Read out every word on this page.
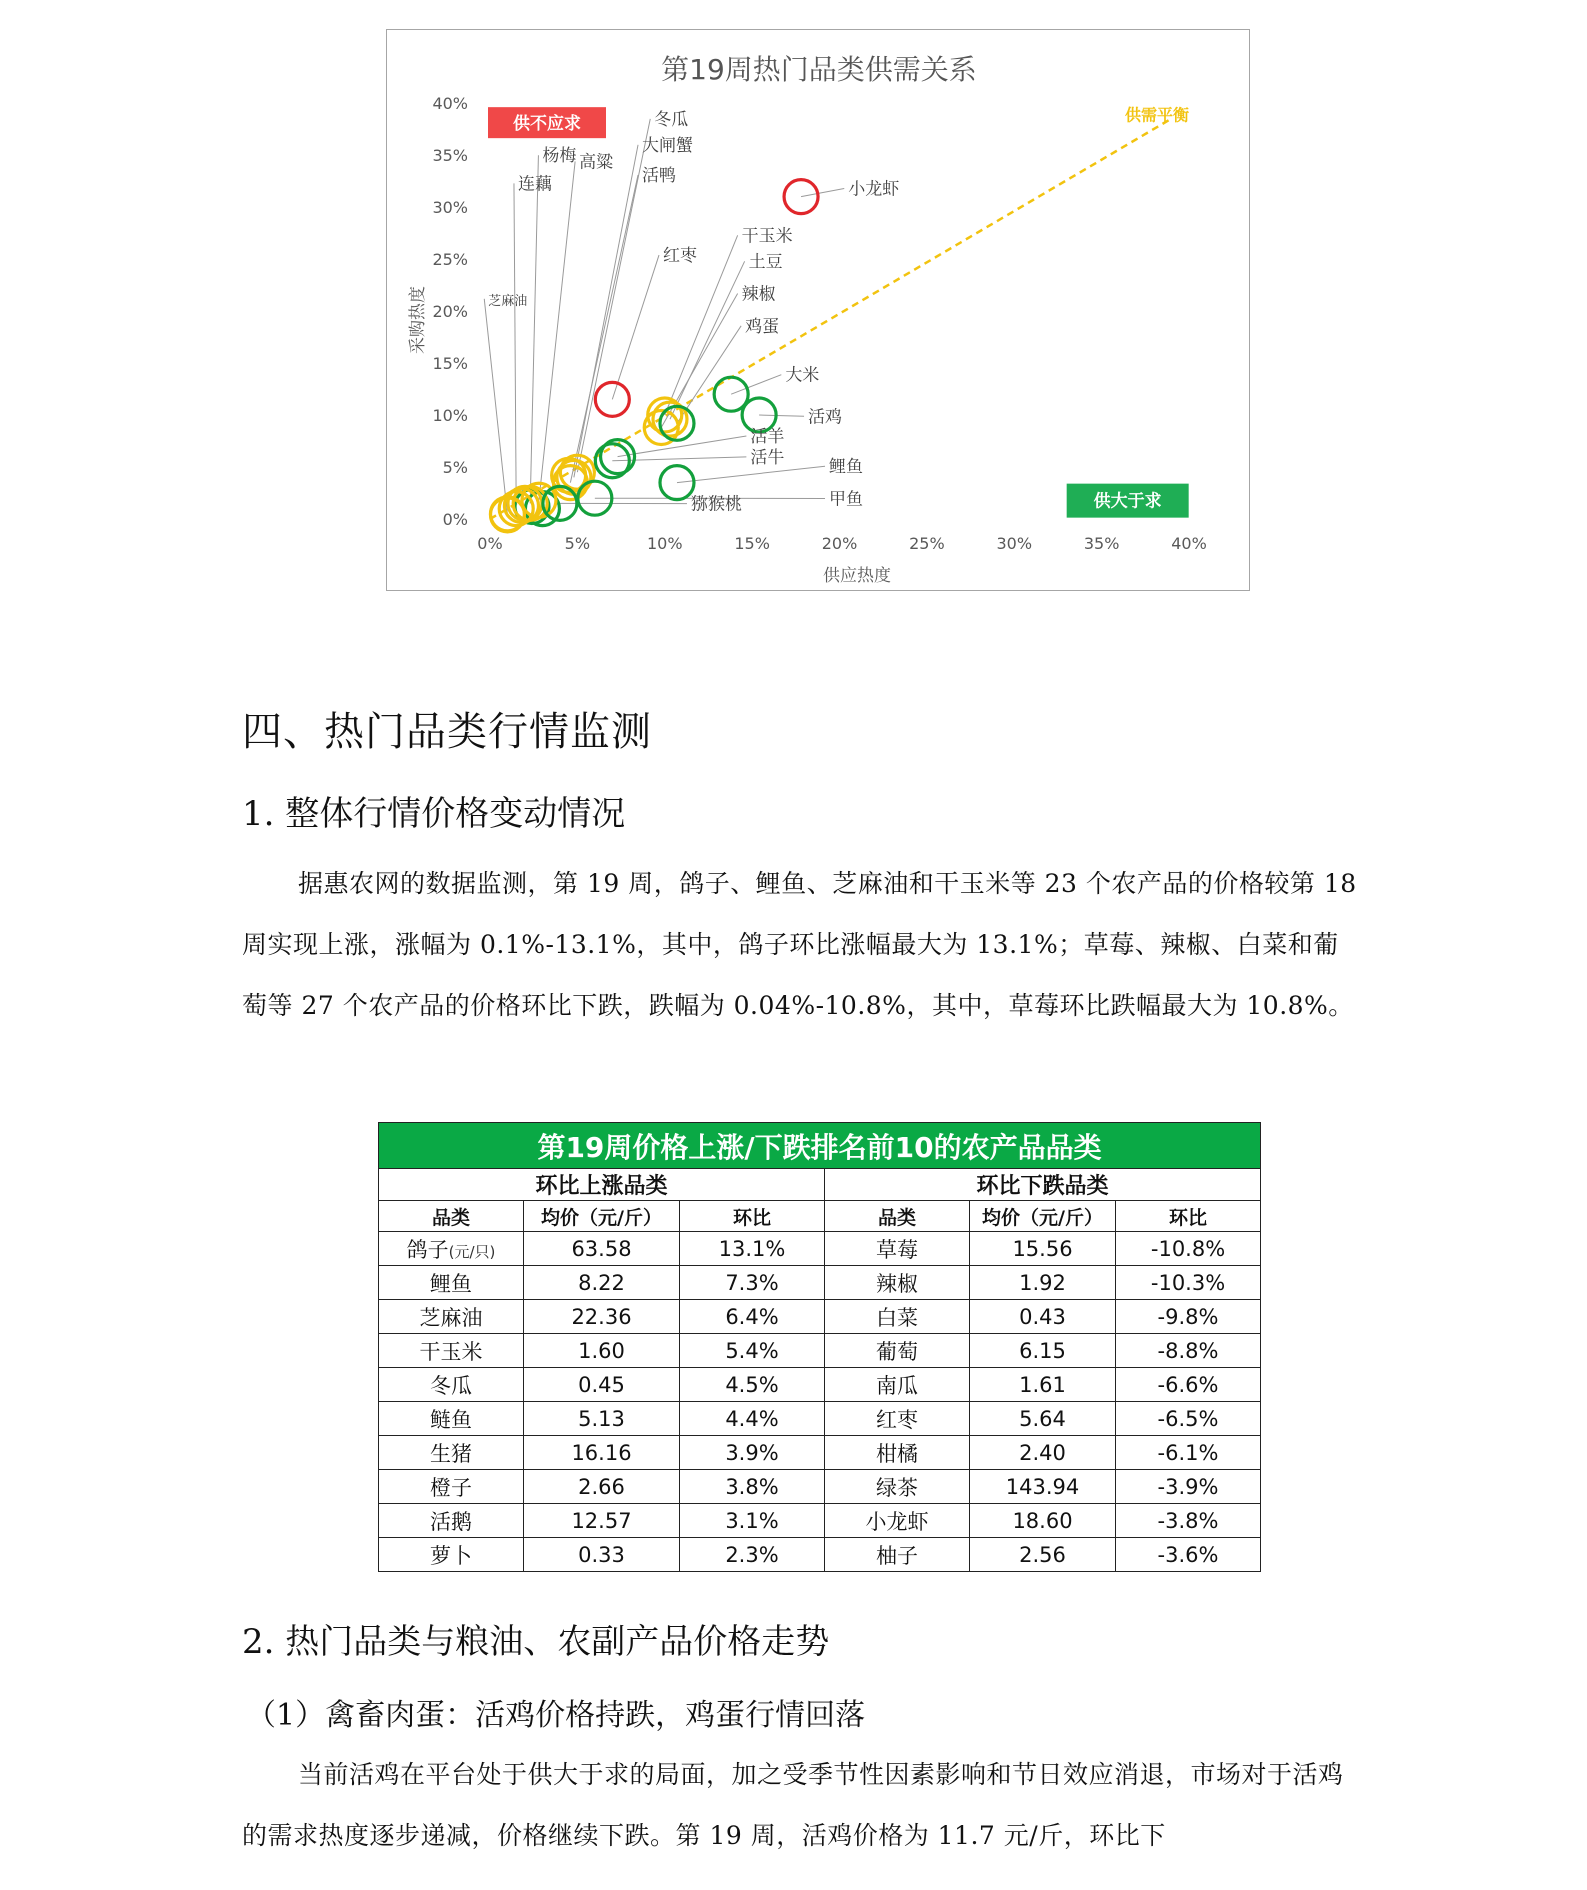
第19周热门品类供需关系
供应热度
采购热度
0%	5%	10%	15%	20%	25%	30%	35%	40%
0%
5%
10%
15%
20%
25%
30%
35%
40%
供需平衡
供不应求
供大于求
小龙虾
红枣
冬瓜
大闸蟹
活鸭
高粱
杨梅
连藕
芝麻油
干玉米
土豆
辣椒
鸡蛋
大米
活鸡
活羊
活牛	鲤鱼
甲鱼
猕猴桃
四、热门品类行情监测
1. 整体行情价格变动情况
据惠农网的数据监测，第 19 周，鸽子、鲤鱼、芝麻油和干玉米等 23 个农产品的价格较第 18 周实现上涨，涨幅为 0.1%-13.1%，其中，鸽子环比涨幅最大为 13.1%；草莓、辣椒、白菜和葡萄等 27 个农产品的价格环比下跌，跌幅为 0.04%-10.8%，其中，草莓环比跌幅最大为 10.8%。
第19周价格上涨/下跌排名前10的农产品品类					
环比上涨品类			环比下跌品类		
品类	均价（元/斤）	环比	品类	均价（元/斤）	环比
鸽子(元/只)	63.58	13.1%	草莓	15.56	-10.8%
鲤鱼	8.22	7.3%	辣椒	1.92	-10.3%
芝麻油	22.36	6.4%	白菜	0.43	-9.8%
干玉米	1.60	5.4%	葡萄	6.15	-8.8%
冬瓜	0.45	4.5%	南瓜	1.61	-6.6%
鲢鱼	5.13	4.4%	红枣	5.64	-6.5%
生猪	16.16	3.9%	柑橘	2.40	-6.1%
橙子	2.66	3.8%	绿茶	143.94	-3.9%
活鹅	12.57	3.1%	小龙虾	18.60	-3.8%
萝卜	0.33	2.3%	柚子	2.56	-3.6%
2. 热门品类与粮油、农副产品价格走势
（1）禽畜肉蛋：活鸡价格持跌，鸡蛋行情回落
当前活鸡在平台处于供大于求的局面，加之受季节性因素影响和节日效应消退，市场对于活鸡的需求热度逐步递减，价格继续下跌。第 19 周，活鸡价格为 11.7 元/斤，环比下
